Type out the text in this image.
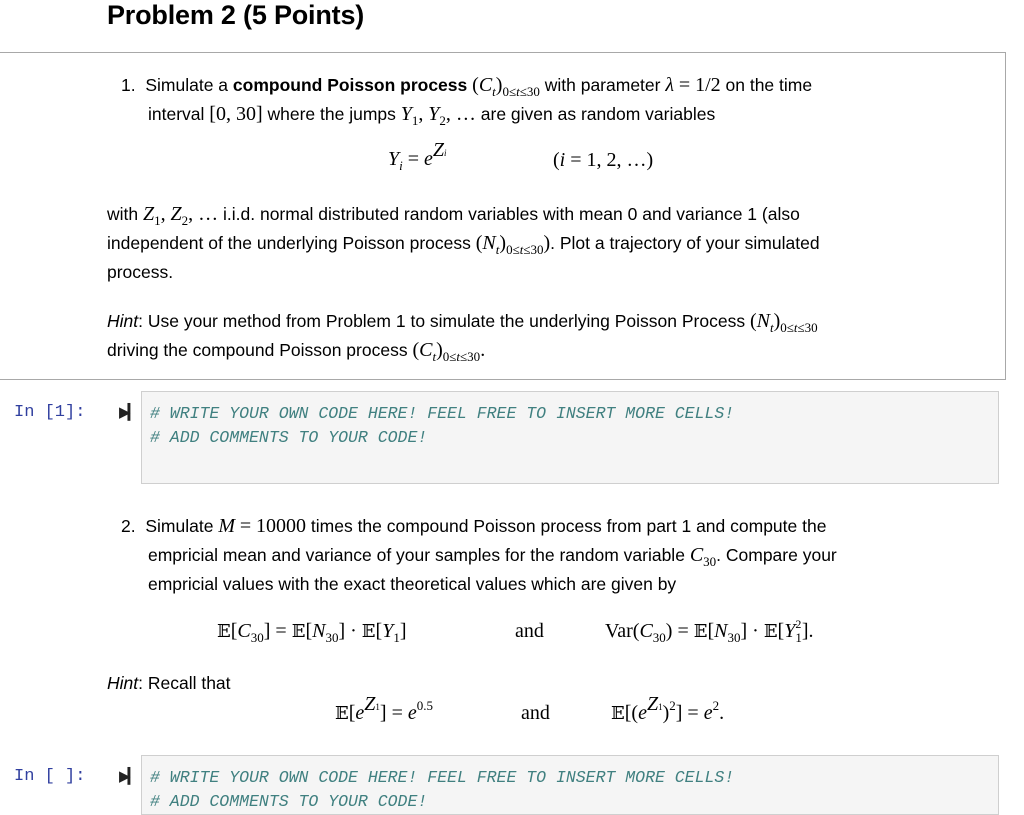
Problem 2 (5 Points)
1. Simulate a compound Poisson process $(C_t)_{0\le t\le 30}$ with parameter λ = 1/2 on the time
interval [0, 30] where the jumps $Y_1$, $Y_2$, … are given as random variables
$Y_i = e^{Zi}$	(i = 1, 2, …)
with $Z_1$, $Z_2$, … i.i.d. normal distributed random variables with mean 0 and variance 1 (also
independent of the underlying Poisson process $(N_t)_{0\le t\le 30}$). Plot a trajectory of your simulated
process.
Hint: Use your method from Problem 1 to simulate the underlying Poisson Process $(N_t)_{0\le t\le 30}$
driving the compound Poisson process $(C_t)_{0\le t\le 30}$.
In [1]: ▶▎ # WRITE YOUR OWN CODE HERE! FEEL FREE TO INSERT MORE CELLS!
# ADD COMMENTS TO YOUR CODE!
2. Simulate M = 10000 times the compound Poisson process from part 1 and compute the
empricial mean and variance of your samples for the random variable $C_{30}$. Compare your
empricial values with the exact theoretical values which are given by
$𝔼[C_{30}]$ = $𝔼[N_{30}]$ · $𝔼[Y_1]$	and	$Var(C_{30})$ = $𝔼[N_{30}]$ · $𝔼[Y^2_1]$.
Hint: Recall that
$𝔼[e^{Z1}] = e^{0.5}$	and	$𝔼[(e^{Z1})^2] = e^2$.
In [ ]: ▶▎ # WRITE YOUR OWN CODE HERE! FEEL FREE TO INSERT MORE CELLS!
# ADD COMMENTS TO YOUR CODE!
